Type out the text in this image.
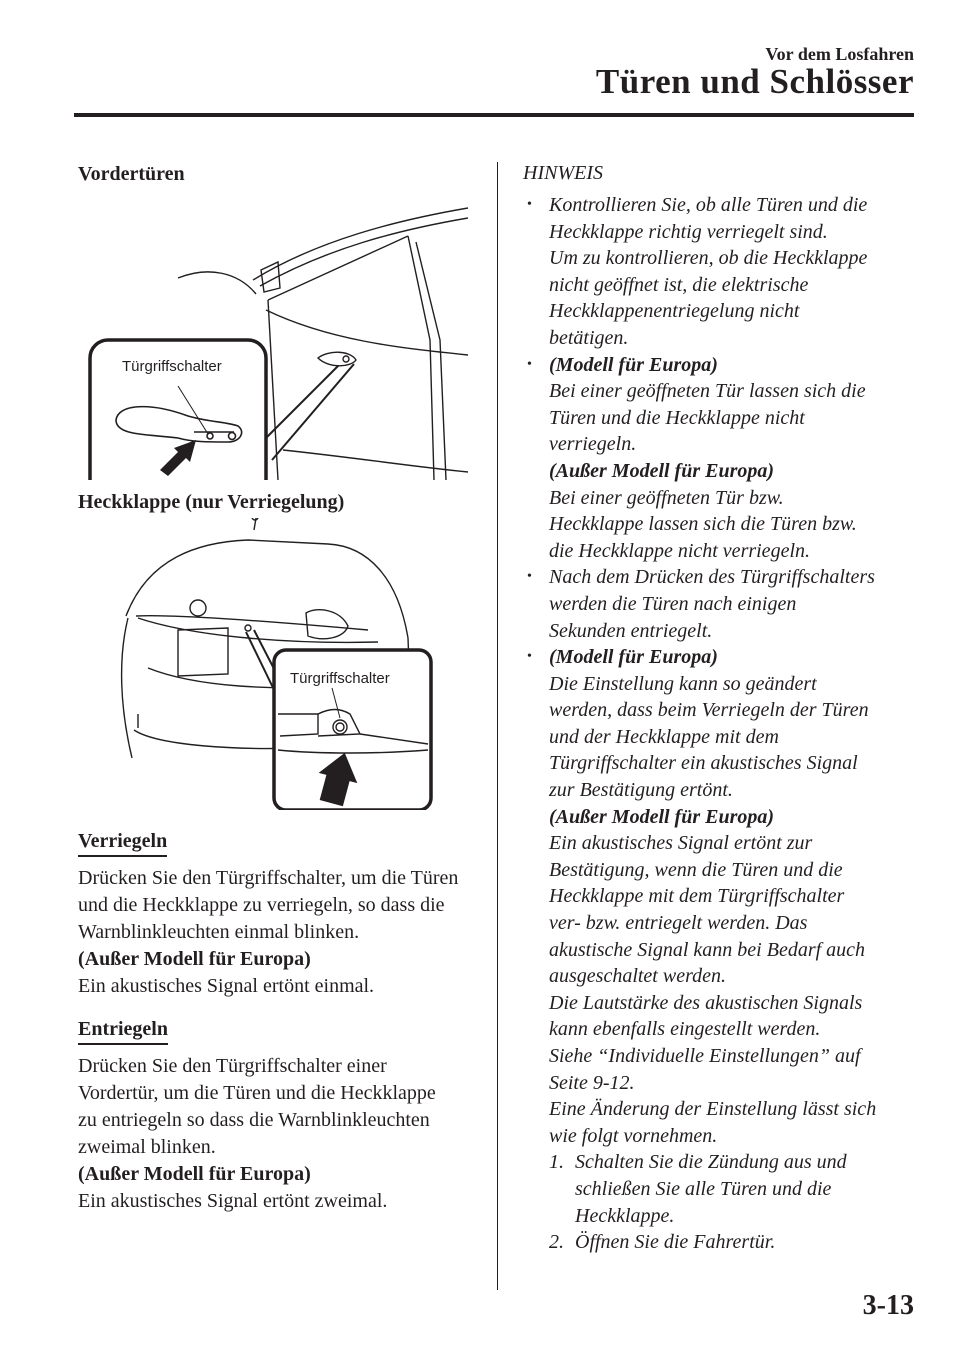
Vor dem Losfahren
Türen und Schlösser
Vordertüren
Türgriffschalter
Heckklappe (nur Verriegelung)
Türgriffschalter
Verriegeln

Drücken Sie den Türgriffschalter, um die Türen und die Heckklappe zu verriegeln, so dass die Warnblinkleuchten einmal blinken.

(Außer Modell für Europa)

Ein akustisches Signal ertönt einmal.

Entriegeln

Drücken Sie den Türgriffschalter einer Vordertür, um die Türen und die Heckklappe zu entriegeln so dass die Warnblinkleuchten zweimal blinken.

(Außer Modell für Europa)

Ein akustisches Signal ertönt zweimal.

HINWEIS
• Kontrollieren Sie, ob alle Türen und die
Heckklappe richtig verriegelt sind.
Um zu kontrollieren, ob die Heckklappe
nicht geöffnet ist, die elektrische
Heckklappenentriegelung nicht
betätigen.
• (Modell für Europa)
Bei einer geöffneten Tür lassen sich die
Türen und die Heckklappe nicht
verriegeln.
(Außer Modell für Europa)
Bei einer geöffneten Tür bzw.
Heckklappe lassen sich die Türen bzw.
die Heckklappe nicht verriegeln.
• Nach dem Drücken des Türgriffschalters
werden die Türen nach einigen
Sekunden entriegelt.
• (Modell für Europa)
Die Einstellung kann so geändert
werden, dass beim Verriegeln der Türen
und der Heckklappe mit dem
Türgriffschalter ein akustisches Signal
zur Bestätigung ertönt.
(Außer Modell für Europa)
Ein akustisches Signal ertönt zur
Bestätigung, wenn die Türen und die
Heckklappe mit dem Türgriffschalter
ver- bzw. entriegelt werden. Das
akustische Signal kann bei Bedarf auch
ausgeschaltet werden.
Die Lautstärke des akustischen Signals
kann ebenfalls eingestellt werden.
Siehe “Individuelle Einstellungen” auf
Seite 9-12.
Eine Änderung der Einstellung lässt sich
wie folgt vornehmen.
1. Schalten Sie die Zündung aus und
schließen Sie alle Türen und die
Heckklappe.
2. Öffnen Sie die Fahrertür.
3-13
